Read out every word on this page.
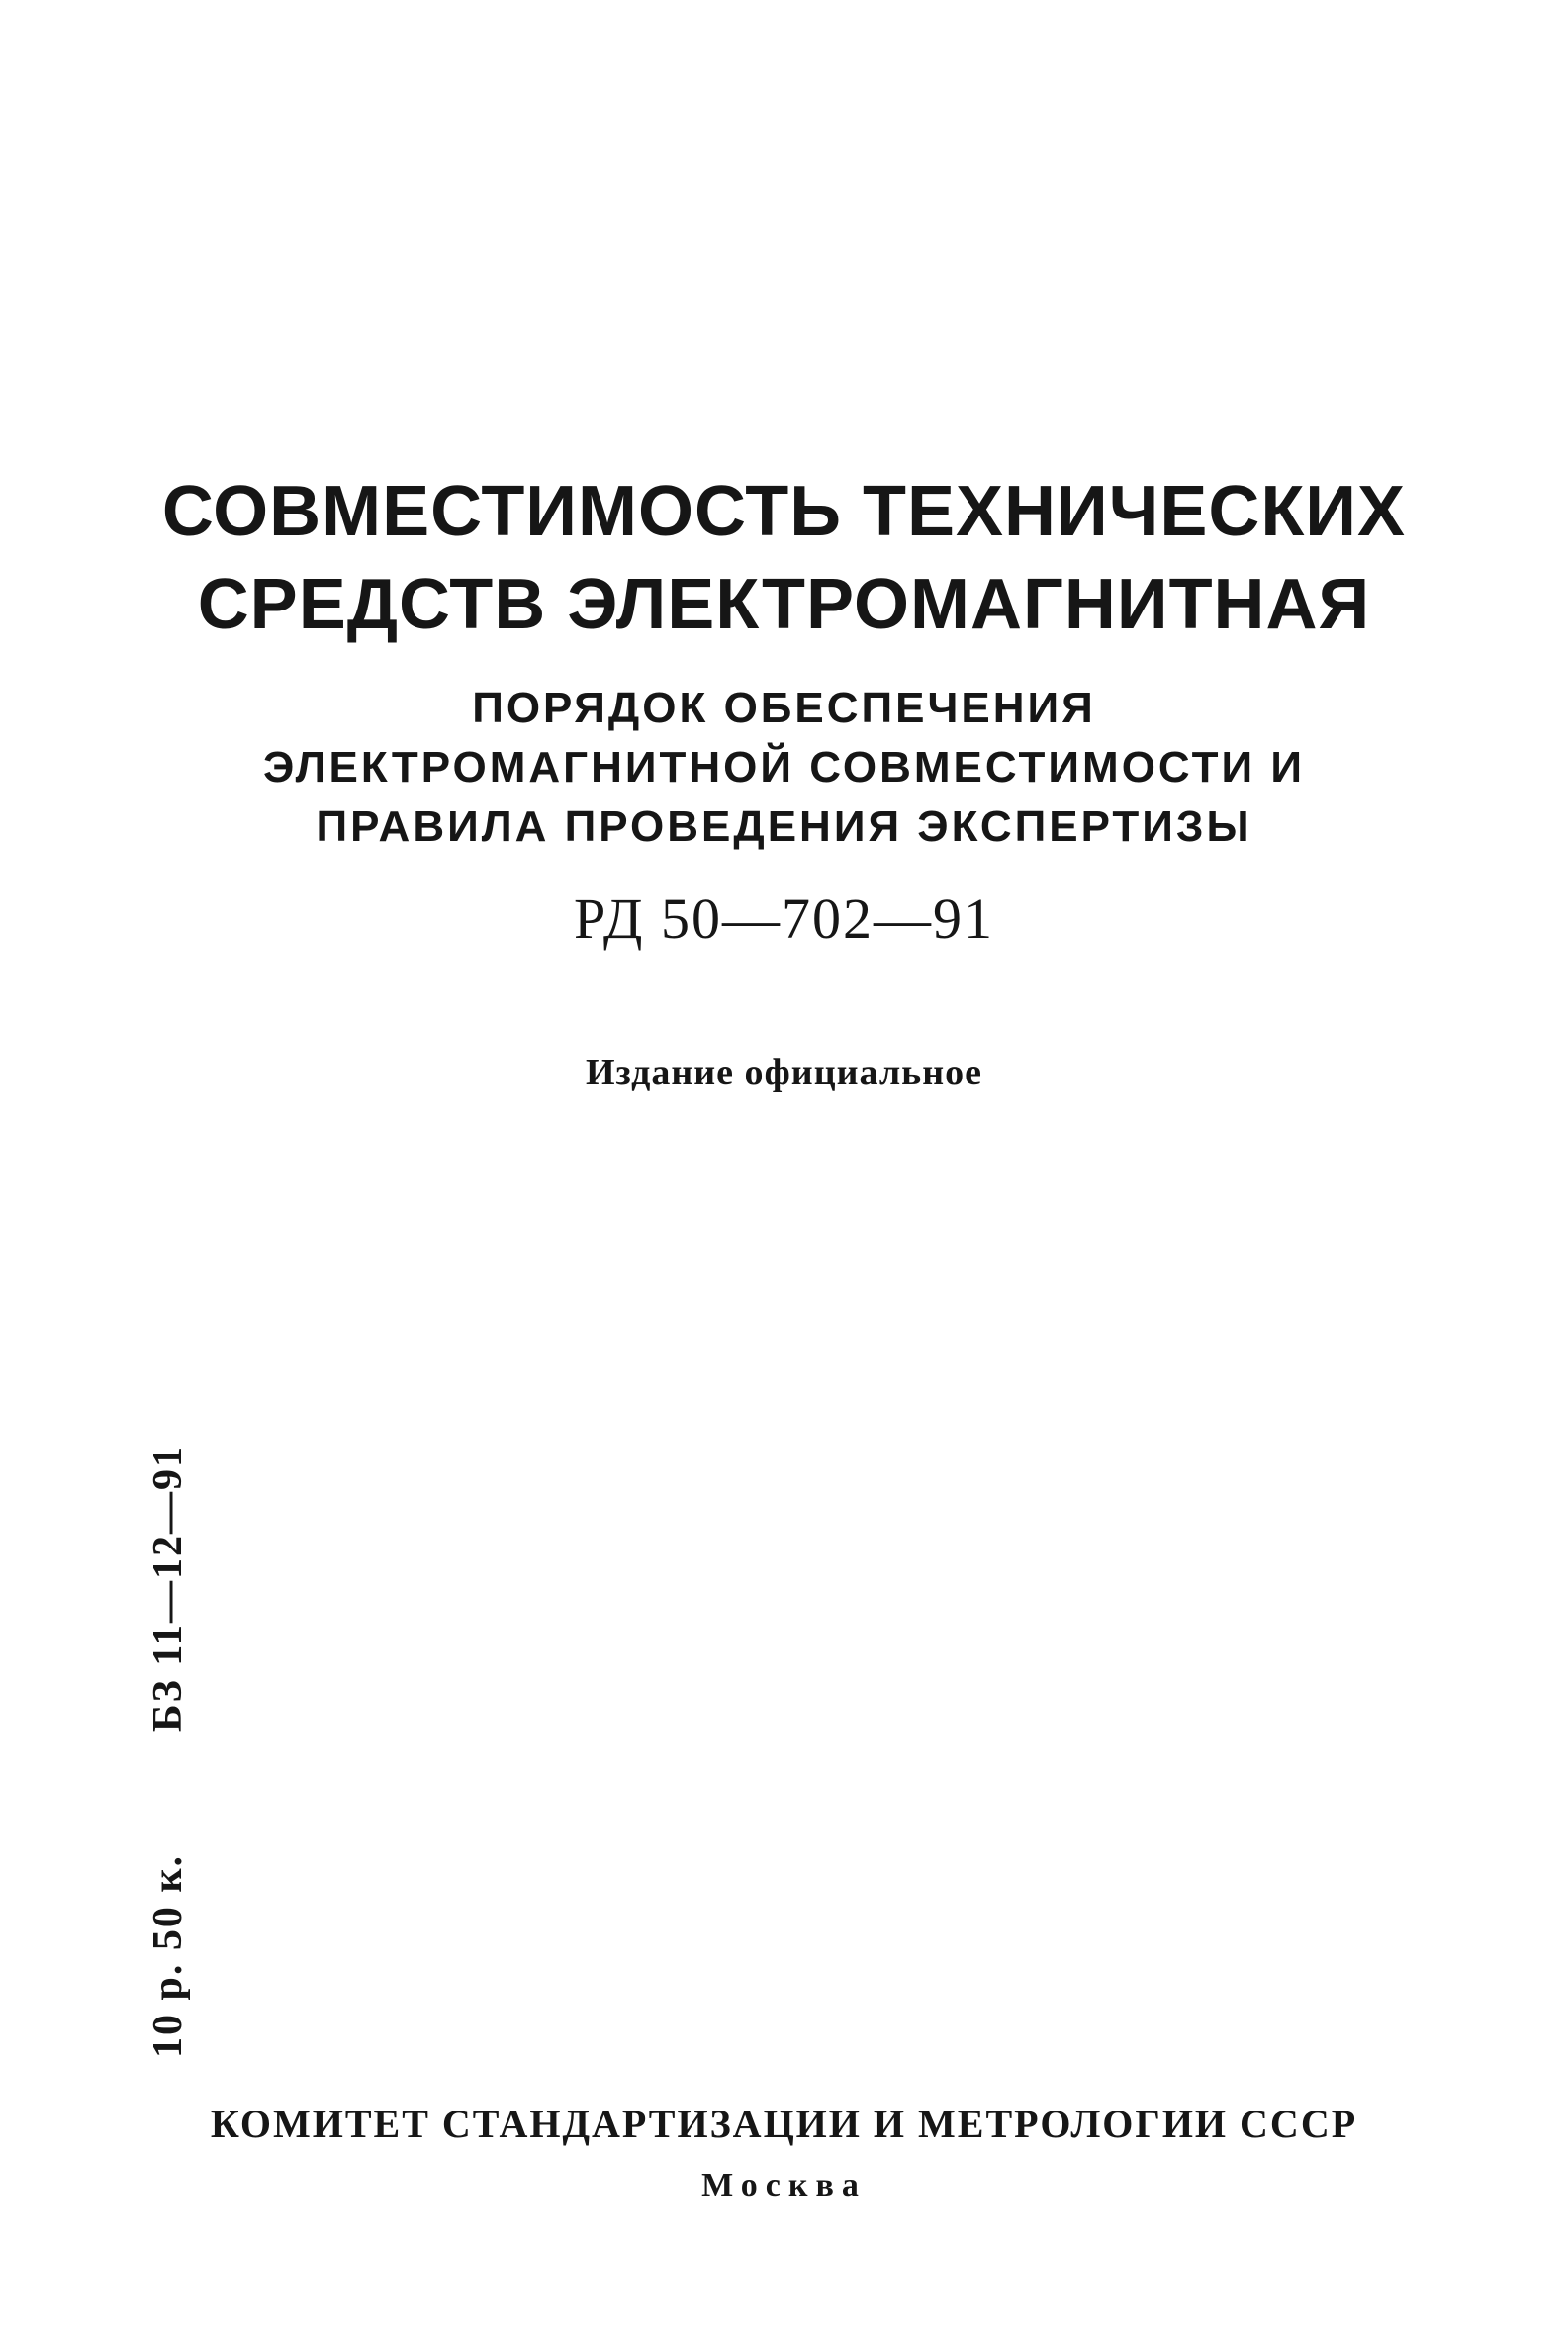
СОВМЕСТИМОСТЬ ТЕХНИЧЕСКИХ
СРЕДСТВ ЭЛЕКТРОМАГНИТНАЯ
ПОРЯДОК ОБЕСПЕЧЕНИЯ
ЭЛЕКТРОМАГНИТНОЙ СОВМЕСТИМОСТИ И
ПРАВИЛА ПРОВЕДЕНИЯ ЭКСПЕРТИЗЫ
РД 50—702—91
Издание официальное
10 р. 50 к.
БЗ 11—12—91
КОМИТЕТ СТАНДАРТИЗАЦИИ И МЕТРОЛОГИИ СССР
Москва
